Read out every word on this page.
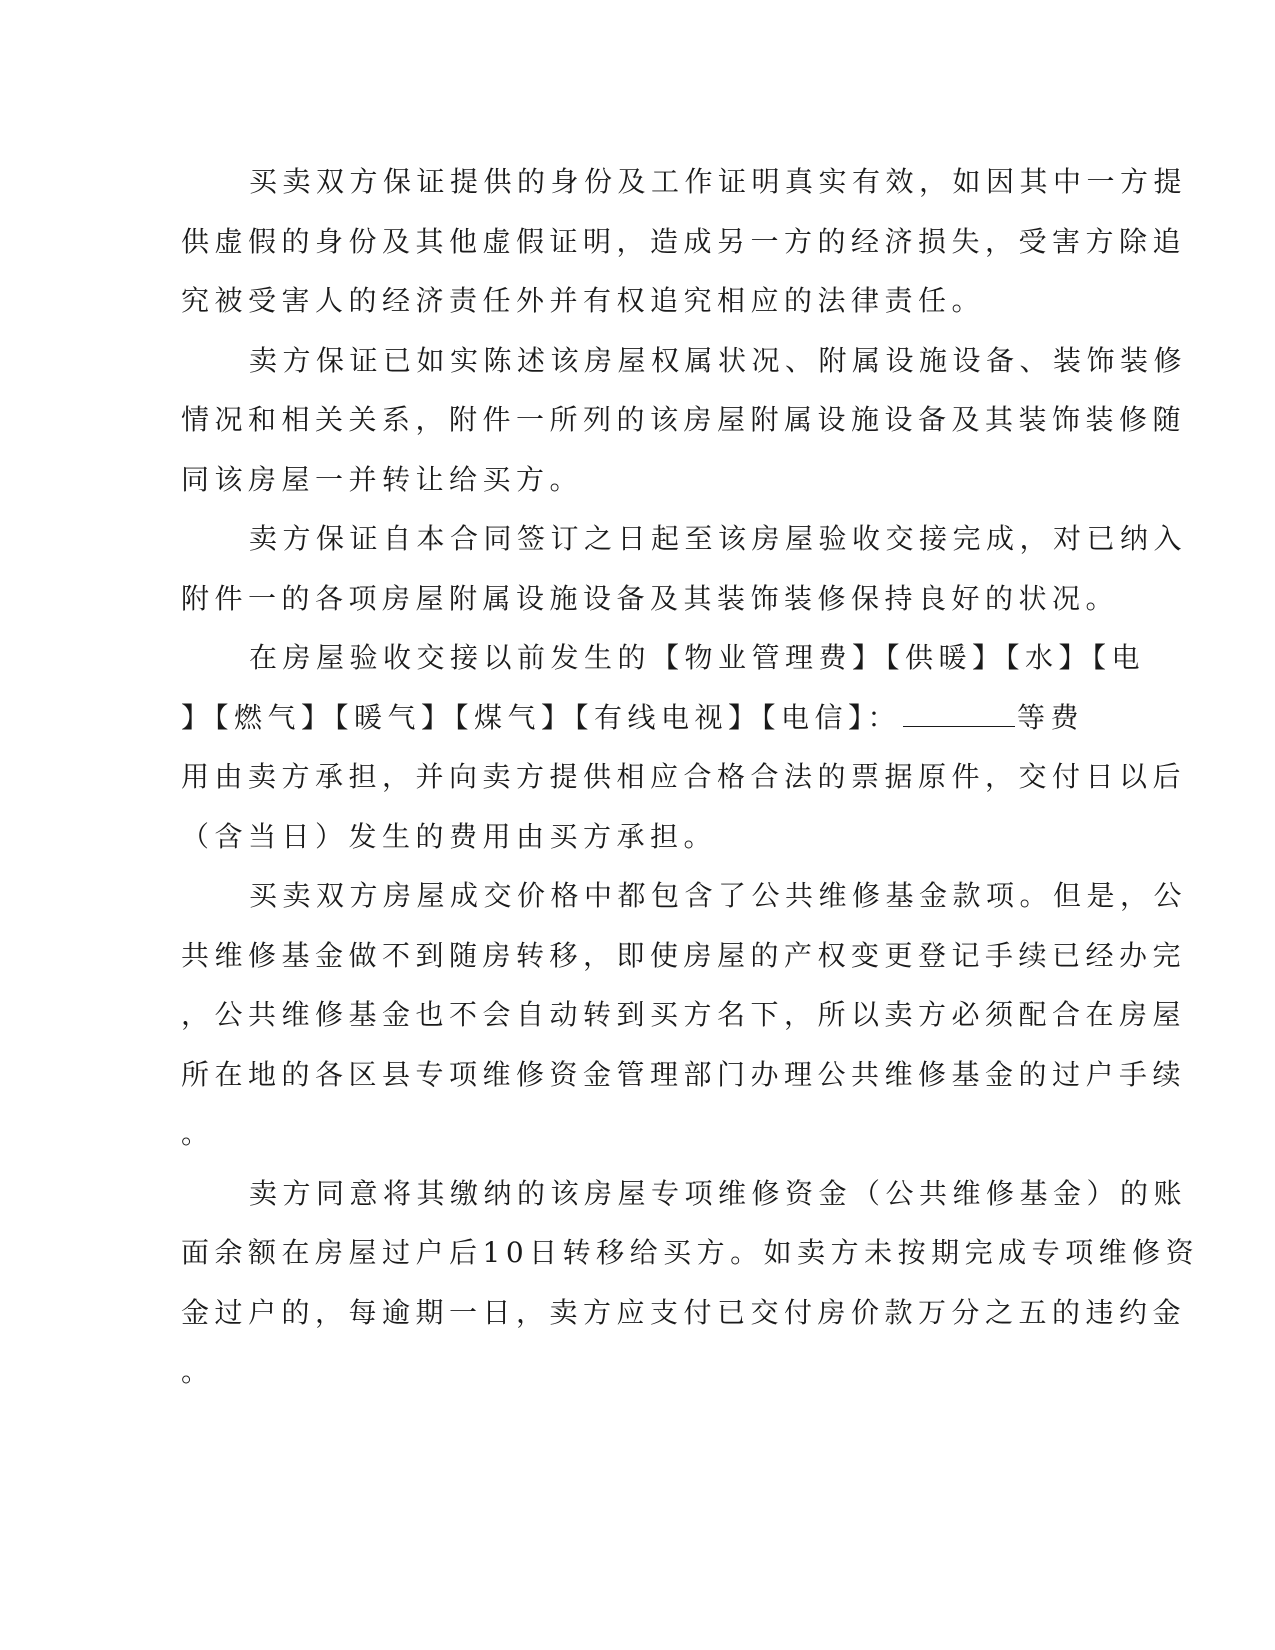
买卖双方保证提供的身份及工作证明真实有效，如因其中一方提
供虚假的身份及其他虚假证明，造成另一方的经济损失，受害方除追
究被受害人的经济责任外并有权追究相应的法律责任。
卖方保证已如实陈述该房屋权属状况、附属设施设备、装饰装修
情况和相关关系，附件一所列的该房屋附属设施设备及其装饰装修随
同该房屋一并转让给买方。
卖方保证自本合同签订之日起至该房屋验收交接完成，对已纳入
附件一的各项房屋附属设施设备及其装饰装修保持良好的状况。
在房屋验收交接以前发生的【物业管理费】【供暖】【水】【电
】【燃气】【暖气】【煤气】【有线电视】【电信】：	等费
用由卖方承担，并向卖方提供相应合格合法的票据原件，交付日以后
（含当日）发生的费用由买方承担。
买卖双方房屋成交价格中都包含了公共维修基金款项。但是，公
共维修基金做不到随房转移，即使房屋的产权变更登记手续已经办完
，公共维修基金也不会自动转到买方名下，所以卖方必须配合在房屋
所在地的各区县专项维修资金管理部门办理公共维修基金的过户手续
。
卖方同意将其缴纳的该房屋专项维修资金（公共维修基金）的账
面余额在房屋过户后10日转移给买方。如卖方未按期完成专项维修资
金过户的，每逾期一日，卖方应支付已交付房价款万分之五的违约金
。
